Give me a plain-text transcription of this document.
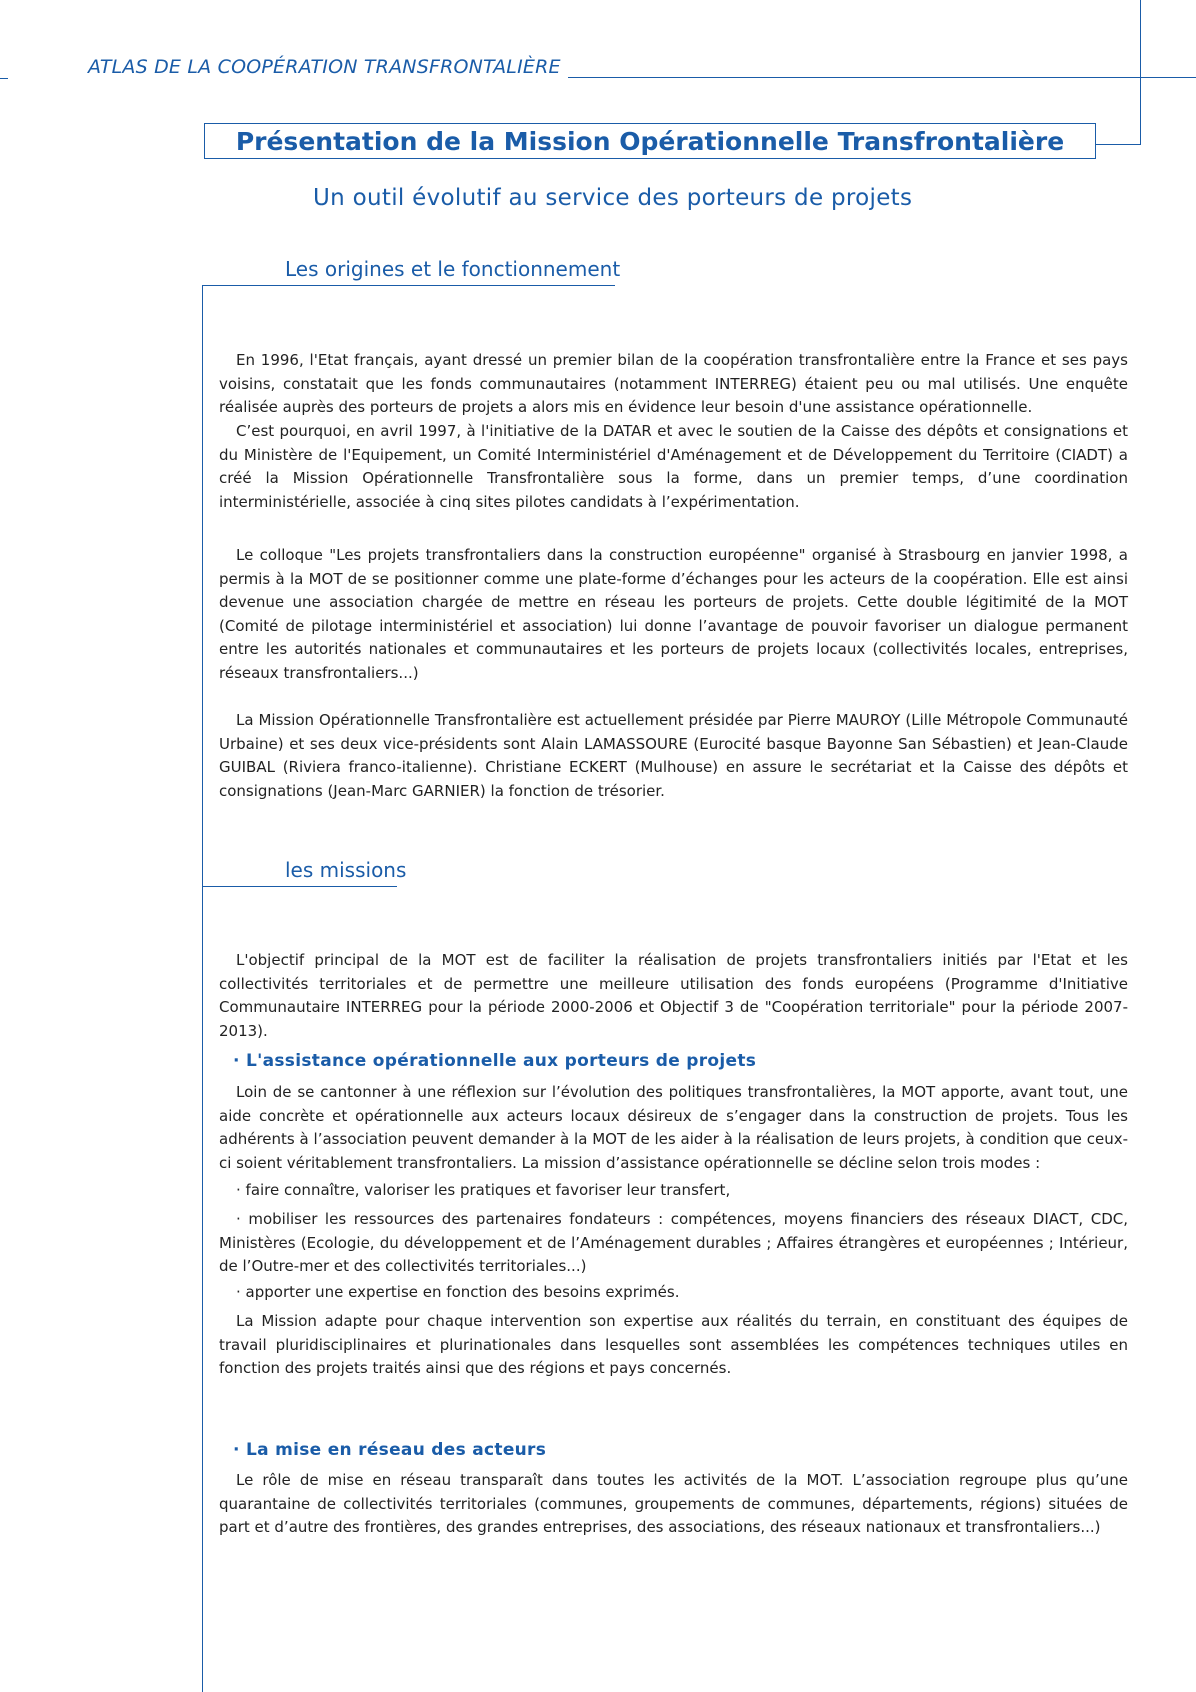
ATLAS DE LA COOPÉRATION TRANSFRONTALIÈRE
Présentation de la Mission Opérationnelle Transfrontalière
Un outil évolutif au service des porteurs de projets
Les origines et le fonctionnement

En 1996, l'Etat français, ayant dressé un premier bilan de la coopération transfrontalière entre la France et ses pays voisins, constatait que les fonds communautaires (notamment INTERREG) étaient peu ou mal utilisés. Une enquête réalisée auprès des porteurs de projets a alors mis en évidence leur besoin d'une assistance opérationnelle.

C’est pourquoi, en avril 1997, à l'initiative de la DATAR et avec le soutien de la Caisse des dépôts et consignations et du Ministère de l'Equipement, un Comité Interministériel d'Aménagement et de Développement du Territoire (CIADT) a créé la Mission Opérationnelle Transfrontalière sous la forme, dans un premier temps, d’une coordination interministérielle, associée à cinq sites pilotes candidats à l’expérimentation.

Le colloque "Les projets transfrontaliers dans la construction européenne" organisé à Strasbourg en janvier 1998, a permis à la MOT de se positionner comme une plate-forme d’échanges pour les acteurs de la coopération. Elle est ainsi devenue une association chargée de mettre en réseau les porteurs de projets. Cette double légitimité de la MOT (Comité de pilotage interministériel et association) lui donne l’avantage de pouvoir favoriser un dialogue permanent entre les autorités nationales et communautaires et les porteurs de projets locaux (collectivités locales, entreprises, réseaux transfrontaliers...)

La Mission Opérationnelle Transfrontalière est actuellement présidée par Pierre MAUROY (Lille Métropole Communauté Urbaine) et ses deux vice-présidents sont Alain LAMASSOURE (Eurocité basque Bayonne San Sébastien) et Jean-Claude GUIBAL (Riviera franco-italienne). Christiane ECKERT (Mulhouse) en assure le secrétariat et la Caisse des dépôts et consignations (Jean-Marc GARNIER) la fonction de trésorier.

les missions

L'objectif principal de la MOT est de faciliter la réalisation de projets transfrontaliers initiés par l'Etat et les collectivités territoriales et de permettre une meilleure utilisation des fonds européens (Programme d'Initiative Communautaire INTERREG pour la période 2000-2006 et Objectif 3 de "Coopération territoriale" pour la période 2007-2013).

· L'assistance opérationnelle aux porteurs de projets

Loin de se cantonner à une réflexion sur l’évolution des politiques transfrontalières, la MOT apporte, avant tout, une aide concrète et opérationnelle aux acteurs locaux désireux de s’engager dans la construction de projets. Tous les adhérents à l’association peuvent demander à la MOT de les aider à la réalisation de leurs projets, à condition que ceux-ci soient véritablement transfrontaliers. La mission d’assistance opérationnelle se décline selon trois modes :

· faire connaître, valoriser les pratiques et favoriser leur transfert,

· mobiliser les ressources des partenaires fondateurs : compétences, moyens financiers des réseaux DIACT, CDC, Ministères (Ecologie, du développement et de l’Aménagement durables ; Affaires étrangères et européennes ; Intérieur, de l’Outre-mer et des collectivités territoriales...)

· apporter une expertise en fonction des besoins exprimés.

La Mission adapte pour chaque intervention son expertise aux réalités du terrain, en constituant des équipes de travail pluridisciplinaires et plurinationales dans lesquelles sont assemblées les compétences techniques utiles en fonction des projets traités ainsi que des régions et pays concernés.

· La mise en réseau des acteurs

Le rôle de mise en réseau transparaît dans toutes les activités de la MOT. L’association regroupe plus qu’une quarantaine de collectivités territoriales (communes, groupements de communes, départements, régions) situées de part et d’autre des frontières, des grandes entreprises, des associations, des réseaux nationaux et transfrontaliers...)
